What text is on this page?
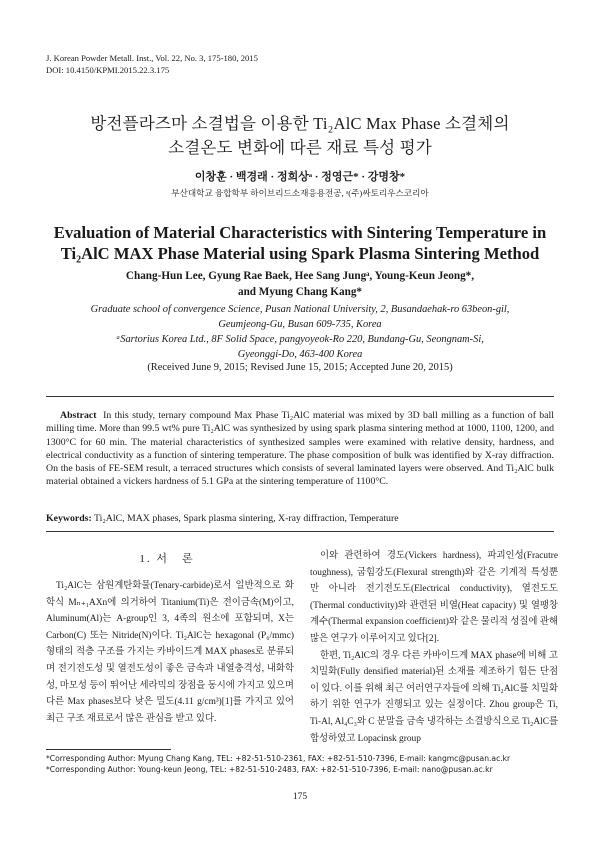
J. Korean Powder Metall. Inst., Vol. 22, No. 3, 175-180, 2015
DOI: 10.4150/KPMI.2015.22.3.175
방전플라즈마 소결법을 이용한 Ti₂AlC Max Phase 소결체의
소결온도 변화에 따른 재료 특성 평가
이창훈 · 백경래 · 정희상ᵃ · 정영근* · 강명창*
부산대학교 융합학부 하이브리드소재응용전공, ᵃ(주)싸토리우스코리아
Evaluation of Material Characteristics with Sintering Temperature in
Ti₂AlC MAX Phase Material using Spark Plasma Sintering Method
Chang-Hun Lee, Gyung Rae Baek, Hee Sang Jungᵃ, Young-Keun Jeong*,
and Myung Chang Kang*
Graduate school of convergence Science, Pusan National University, 2, Busandaehak-ro 63beon-gil,
Geumjeong-Gu, Busan 609-735, Korea
ᵃSartorius Korea Ltd., 8F Solid Space, pangyoyeok-Ro 220, Bundang-Gu, Seongnam-Si,
Gyeonggi-Do, 463-400 Korea
(Received June 9, 2015; Revised June 15, 2015; Accepted June 20, 2015)
Abstract In this study, ternary compound Max Phase Ti₂AlC material was mixed by 3D ball milling as a function of ball milling time. More than 99.5 wt% pure Ti₂AlC was synthesized by using spark plasma sintering method at 1000, 1100, 1200, and 1300°C for 60 min. The material characteristics of synthesized samples were examined with relative density, hardness, and electrical conductivity as a function of sintering temperature. The phase composition of bulk was identified by X-ray diffraction. On the basis of FE-SEM result, a terraced structures which consists of several laminated layers were observed. And Ti₂AlC bulk material obtained a vickers hardness of 5.1 GPa at the sintering temperature of 1100°C.
Keywords: Ti₂AlC, MAX phases, Spark plasma sintering, X-ray diffraction, Temperature
1. 서　론

Ti₂AlC는 삼원계탄화물(Tenary-carbide)로서 일반적으로 화학식 Mₙ₊₁AXn에 의거하여 Titanium(Ti)은 전이금속(M)이고, Aluminum(Al)는 A-group인 3, 4족의 원소에 포함되며, X는 Carbon(C) 또는 Nitride(N)이다. Ti₂AlC는 hexagonal (P₆/mmc) 형태의 적층 구조를 가지는 카바이드계 MAX phases로 분류되며 전기전도성 및 열전도성이 좋은 금속과 내열충격성, 내화학성, 마모성 등이 뛰어난 세라믹의 장점을 동시에 가지고 있으며 다른 Max phases보다 낮은 밀도(4.11 g/cm³)[1]를 가지고 있어 최근 구조 재료로서 많은 관심을 받고 있다.

이와 관련하여 경도(Vickers hardness), 파괴인성(Fracutre toughness), 굽힘강도(Flexural strength)와 같은 기계적 특성뿐만 아니라 전기전도도(Electrical conductivity), 열전도도(Thermal conductivity)와 관련된 비열(Heat capacity) 및 열팽창계수(Thermal expansion coefficient)와 같은 물리적 성질에 관해 많은 연구가 이루어지고 있다[2].

한편, Ti₂AlC의 경우 다른 카바이드계 MAX phase에 비해 고치밀화(Fully densified material)된 소재를 제조하기 힘든 단점이 있다. 이를 위해 최근 여러연구자들에 의해 Ti₂AlC를 치밀화 하기 위한 연구가 진행되고 있는 실정이다. Zhou group은 Ti, Ti-Al, Al₄C₃와 C 분말을 금속 냉각하는 소결방식으로 Ti₂AlC를 합성하였고 Lopacinsk group

*Corresponding Author: Myung Chang Kang, TEL: +82-51-510-2361, FAX: +82-51-510-7396, E-mail: kangmc@pusan.ac.kr
*Corresponding Author: Young-keun Jeong, TEL: +82-51-510-2483, FAX: +82-51-510-7396, E-mail: nano@pusan.ac.kr
175
